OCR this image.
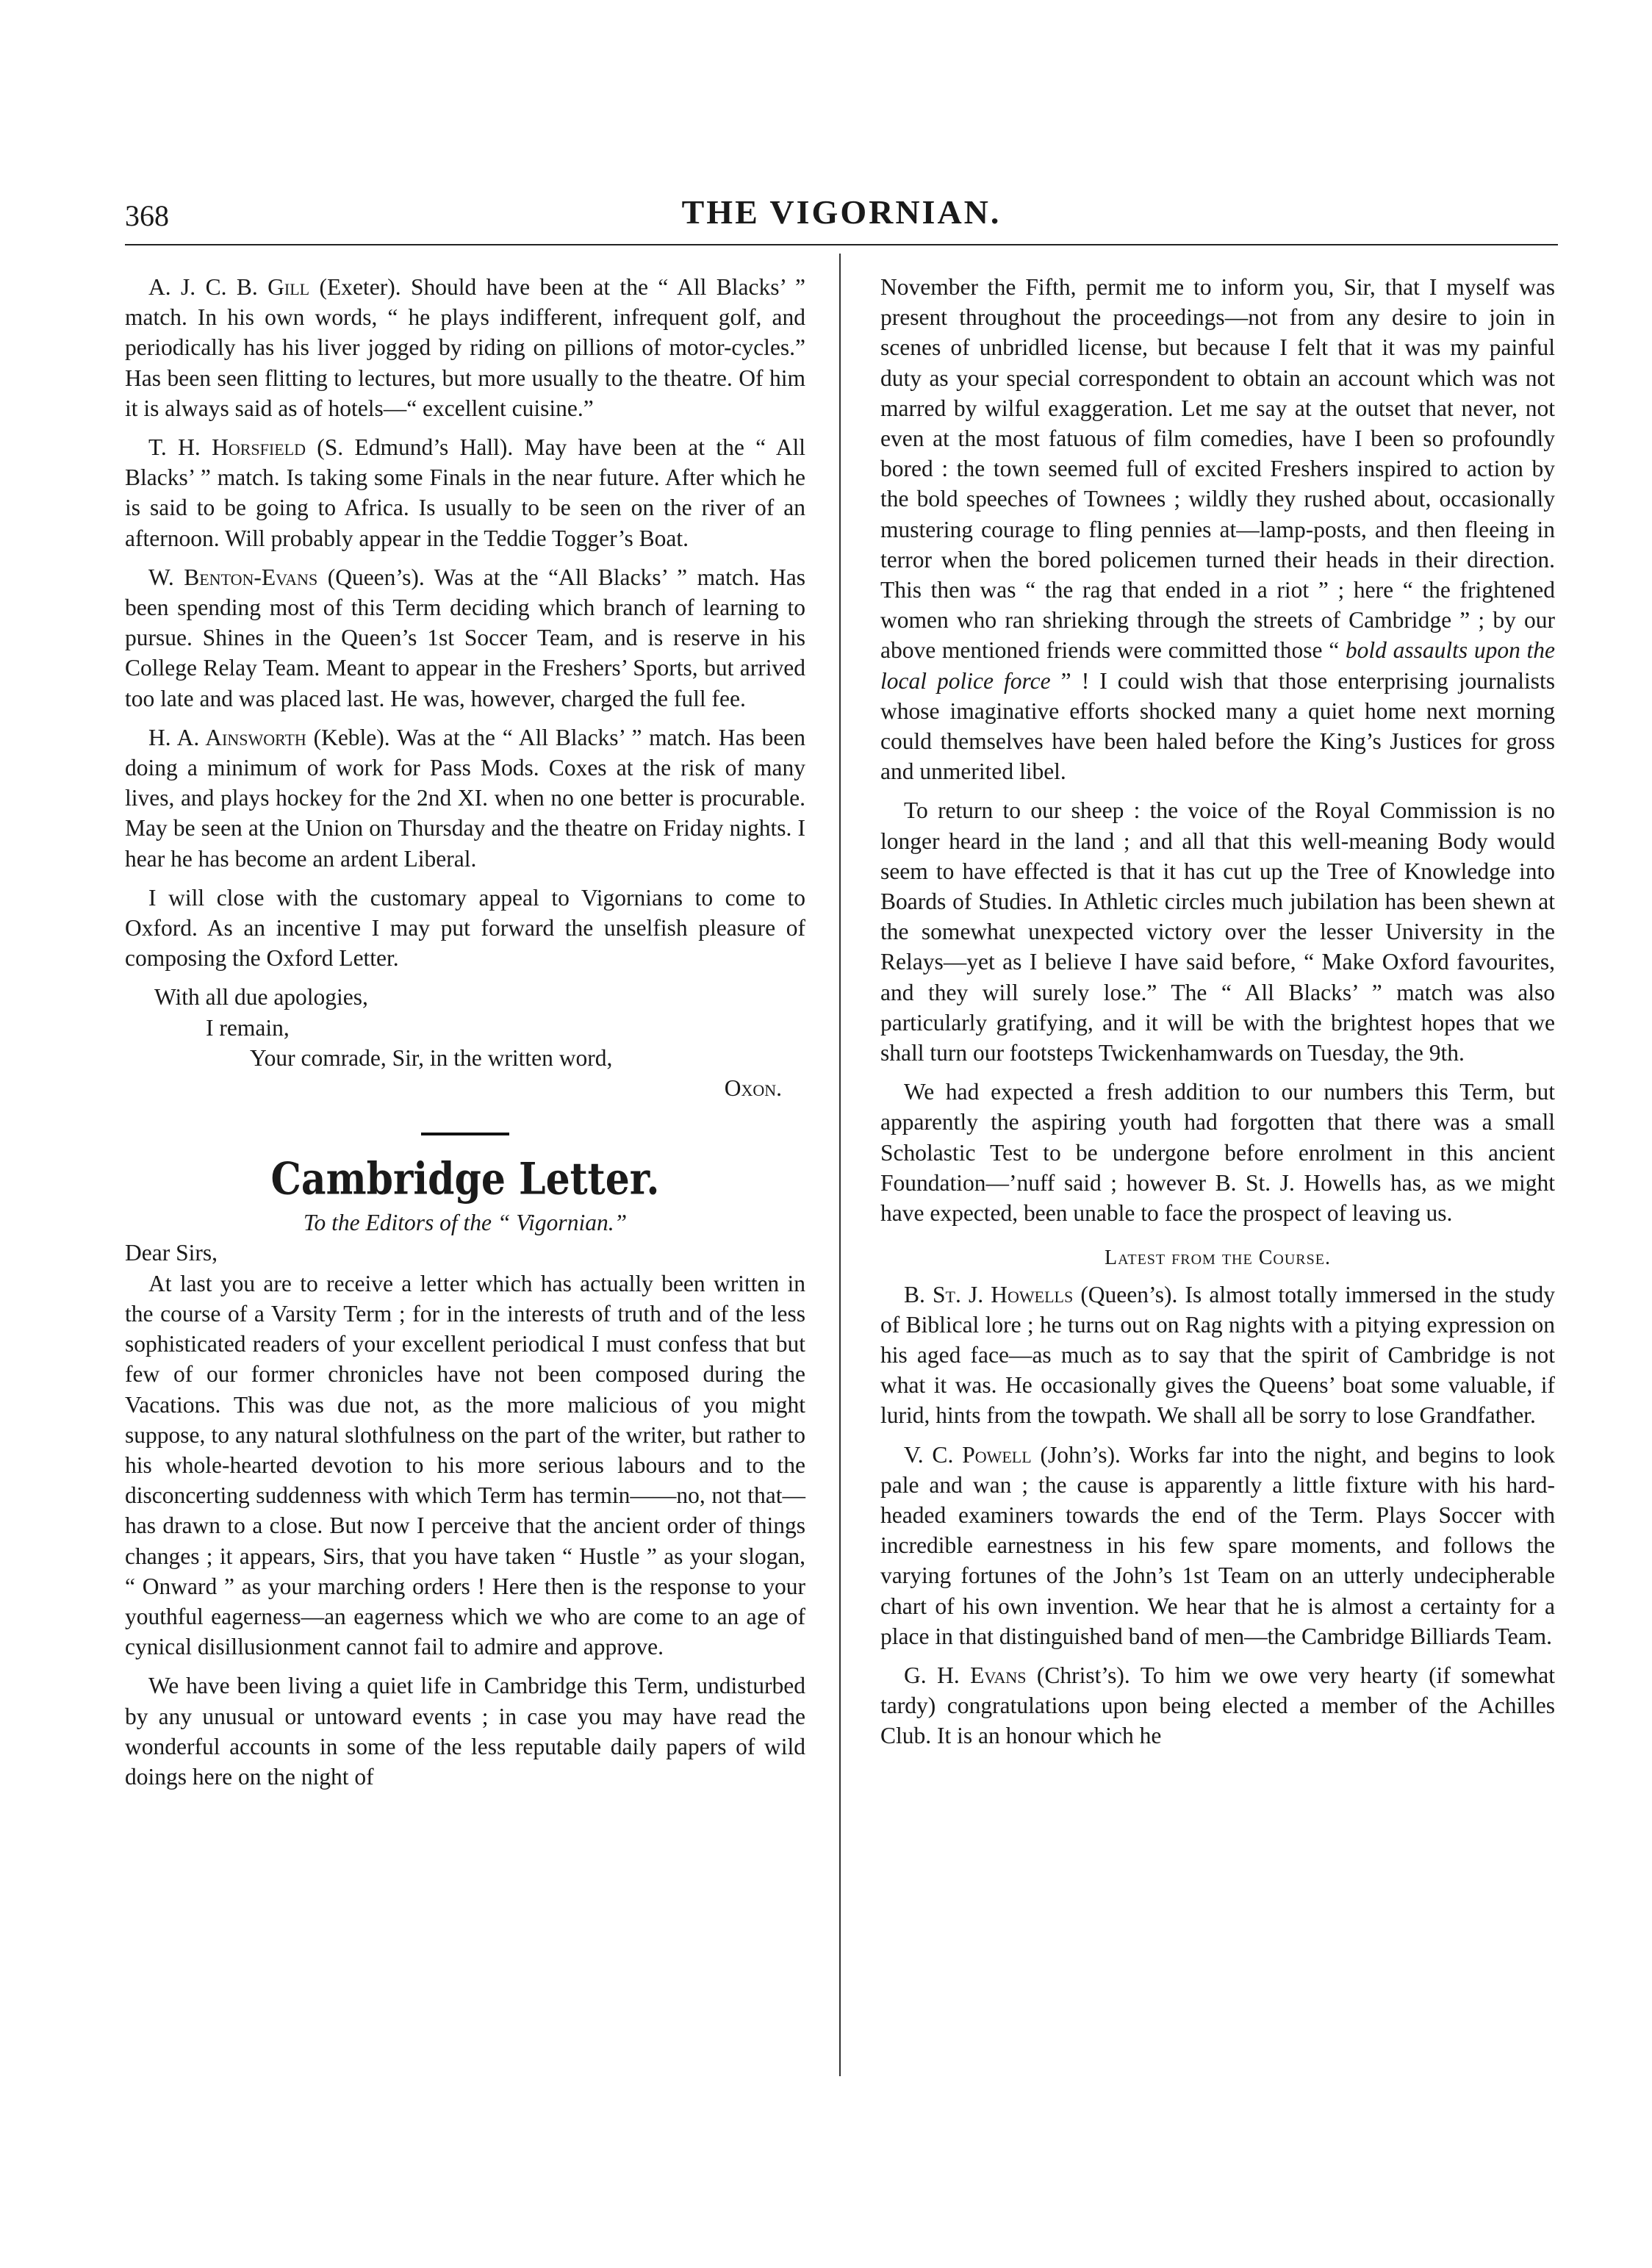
368	THE VIGORNIAN.

A. J. C. B. Gill (Exeter). Should have been at the “ All Blacks’ ” match. In his own words, “ he plays indifferent, infrequent golf, and periodically has his liver jogged by riding on pillions of motor-cycles.” Has been seen flitting to lectures, but more usually to the theatre. Of him it is always said as of hotels—“ excellent cuisine.”

T. H. Horsfield (S. Edmund’s Hall). May have been at the “ All Blacks’ ” match. Is taking some Finals in the near future. After which he is said to be going to Africa. Is usually to be seen on the river of an afternoon. Will probably appear in the Teddie Togger’s Boat.

W. Benton-Evans (Queen’s). Was at the “All Blacks’ ” match. Has been spending most of this Term deciding which branch of learning to pursue. Shines in the Queen’s 1st Soccer Team, and is reserve in his College Relay Team. Meant to appear in the Freshers’ Sports, but arrived too late and was placed last. He was, however, charged the full fee.

H. A. Ainsworth (Keble). Was at the “ All Blacks’ ” match. Has been doing a minimum of work for Pass Mods. Coxes at the risk of many lives, and plays hockey for the 2nd XI. when no one better is procurable. May be seen at the Union on Thursday and the theatre on Friday nights. I hear he has become an ardent Liberal.

I will close with the customary appeal to Vigornians to come to Oxford. As an incentive I may put forward the unselfish pleasure of composing the Oxford Letter.

With all due apologies,

I remain,

Your comrade, Sir, in the written word,

Oxon.

Cambridge Letter.

To the Editors of the “ Vigornian.”

Dear Sirs,

At last you are to receive a letter which has actually been written in the course of a Varsity Term ; for in the interests of truth and of the less sophisticated readers of your excellent periodical I must confess that but few of our former chronicles have not been composed during the Vacations. This was due not, as the more malicious of you might suppose, to any natural slothfulness on the part of the writer, but rather to his whole-hearted devotion to his more serious labours and to the disconcerting suddenness with which Term has termin——no, not that—has drawn to a close. But now I perceive that the ancient order of things changes ; it appears, Sirs, that you have taken “ Hustle ” as your slogan, “ Onward ” as your marching orders ! Here then is the response to your youthful eagerness—an eagerness which we who are come to an age of cynical disillusionment cannot fail to admire and approve.

We have been living a quiet life in Cambridge this Term, undisturbed by any unusual or untoward events ; in case you may have read the wonderful accounts in some of the less reputable daily papers of wild doings here on the night of

November the Fifth, permit me to inform you, Sir, that I myself was present throughout the proceedings—not from any desire to join in scenes of unbridled license, but because I felt that it was my painful duty as your special correspondent to obtain an account which was not marred by wilful exaggeration. Let me say at the outset that never, not even at the most fatuous of film comedies, have I been so profoundly bored : the town seemed full of excited Freshers inspired to action by the bold speeches of Townees ; wildly they rushed about, occasionally mustering courage to fling pennies at—lamp-posts, and then fleeing in terror when the bored policemen turned their heads in their direction. This then was “ the rag that ended in a riot ” ; here “ the frightened women who ran shrieking through the streets of Cambridge ” ; by our above mentioned friends were committed those “ bold assaults upon the local police force ” ! I could wish that those enterprising journalists whose imaginative efforts shocked many a quiet home next morning could themselves have been haled before the King’s Justices for gross and unmerited libel.

To return to our sheep : the voice of the Royal Commission is no longer heard in the land ; and all that this well-meaning Body would seem to have effected is that it has cut up the Tree of Knowledge into Boards of Studies. In Athletic circles much jubilation has been shewn at the somewhat unexpected victory over the lesser University in the Relays—yet as I believe I have said before, “ Make Oxford favourites, and they will surely lose.” The “ All Blacks’ ” match was also particularly gratifying, and it will be with the brightest hopes that we shall turn our footsteps Twickenhamwards on Tuesday, the 9th.

We had expected a fresh addition to our numbers this Term, but apparently the aspiring youth had forgotten that there was a small Scholastic Test to be undergone before enrolment in this ancient Foundation—’nuff said ; however B. St. J. Howells has, as we might have expected, been unable to face the prospect of leaving us.

Latest from the Course.

B. St. J. Howells (Queen’s). Is almost totally immersed in the study of Biblical lore ; he turns out on Rag nights with a pitying expression on his aged face—as much as to say that the spirit of Cambridge is not what it was. He occasionally gives the Queens’ boat some valuable, if lurid, hints from the towpath. We shall all be sorry to lose Grandfather.

V. C. Powell (John’s). Works far into the night, and begins to look pale and wan ; the cause is apparently a little fixture with his hard-headed examiners towards the end of the Term. Plays Soccer with incredible earnestness in his few spare moments, and follows the varying fortunes of the John’s 1st Team on an utterly undecipherable chart of his own invention. We hear that he is almost a certainty for a place in that distinguished band of men—the Cambridge Billiards Team.

G. H. Evans (Christ’s). To him we owe very hearty (if somewhat tardy) congratulations upon being elected a member of the Achilles Club. It is an honour which he
